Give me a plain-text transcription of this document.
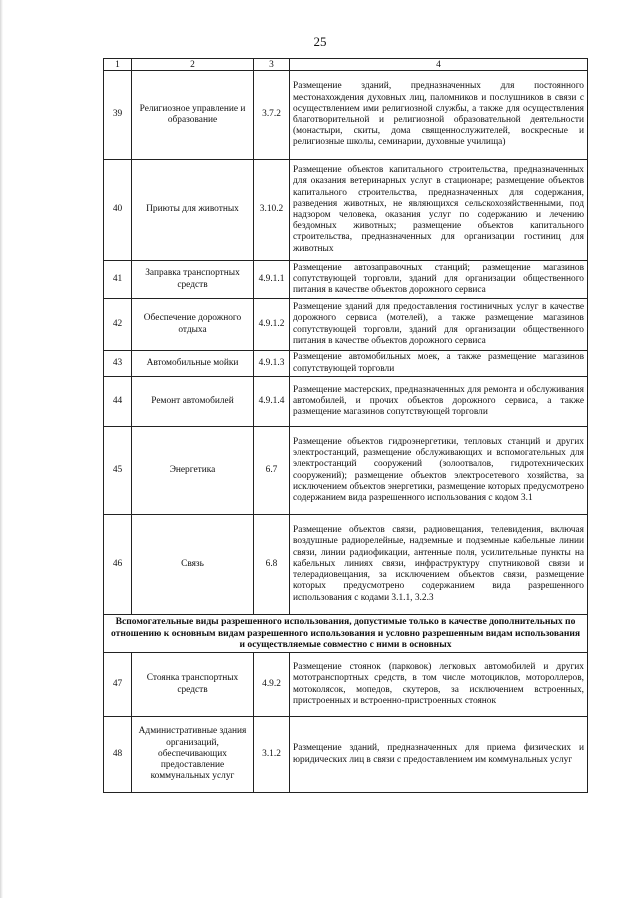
25
1	2	3	4
39	Религиозное управление и образование	3.7.2	Размещение зданий, предназначенных для постоянного местонахождения духовных лиц, паломников и послушников в связи с осуществлением ими религиозной службы, а также для осуществления благотворительной и религиозной образовательной деятельности (монастыри, скиты, дома священнослужителей, воскресные и религиозные школы, семинарии, духовные училища)
40	Приюты для животных	3.10.2	Размещение объектов капитального строительства, предназначенных для оказания ветеринарных услуг в стационаре; размещение объектов капитального строительства, предназначенных для содержания, разведения животных, не являющихся сельскохозяйственными, под надзором человека, оказания услуг по содержанию и лечению бездомных животных; размещение объектов капитального строительства, предназначенных для организации гостиниц для животных
41	Заправка транспортных средств	4.9.1.1	Размещение автозаправочных станций; размещение магазинов сопутствующей торговли, зданий для организации общественного питания в качестве объектов дорожного сервиса
42	Обеспечение дорожного отдыха	4.9.1.2	Размещение зданий для предоставления гостиничных услуг в качестве дорожного сервиса (мотелей), а также размещение магазинов сопутствующей торговли, зданий для организации общественного питания в качестве объектов дорожного сервиса
43	Автомобильные мойки	4.9.1.3	Размещение автомобильных моек, а также размещение магазинов сопутствующей торговли
44	Ремонт автомобилей	4.9.1.4	Размещение мастерских, предназначенных для ремонта и обслуживания автомобилей, и прочих объектов дорожного сервиса, а также размещение магазинов сопутствующей торговли
45	Энергетика	6.7	Размещение объектов гидроэнергетики, тепловых станций и других электростанций, размещение обслуживающих и вспомогательных для электростанций сооружений (золоотвалов, гидротехнических сооружений); размещение объектов электросетевого хозяйства, за исключением объектов энергетики, размещение которых предусмотрено содержанием вида разрешенного использования с кодом 3.1
46	Связь	6.8	Размещение объектов связи, радиовещания, телевидения, включая воздушные радиорелейные, надземные и подземные кабельные линии связи, линии радиофикации, антенные поля, усилительные пункты на кабельных линиях связи, инфраструктуру спутниковой связи и телерадиовещания, за исключением объектов связи, размещение которых предусмотрено содержанием вида разрешенного использования с кодами 3.1.1, 3.2.3
Вспомогательные виды разрешенного использования, допустимые только в качестве дополнительных по отношению к основным видам разрешенного использования и условно разрешенным видам использования и осуществляемые совместно с ними в основных			
47	Стоянка транспортных средств	4.9.2	Размещение стоянок (парковок) легковых автомобилей и других мототранспортных средств, в том числе мотоциклов, мотороллеров, мотоколясок, мопедов, скутеров, за исключением встроенных, пристроенных и встроенно-пристроенных стоянок
48	Административные здания организаций, обеспечивающих предоставление коммунальных услуг	3.1.2	Размещение зданий, предназначенных для приема физических и юридических лиц в связи с предоставлением им коммунальных услуг
